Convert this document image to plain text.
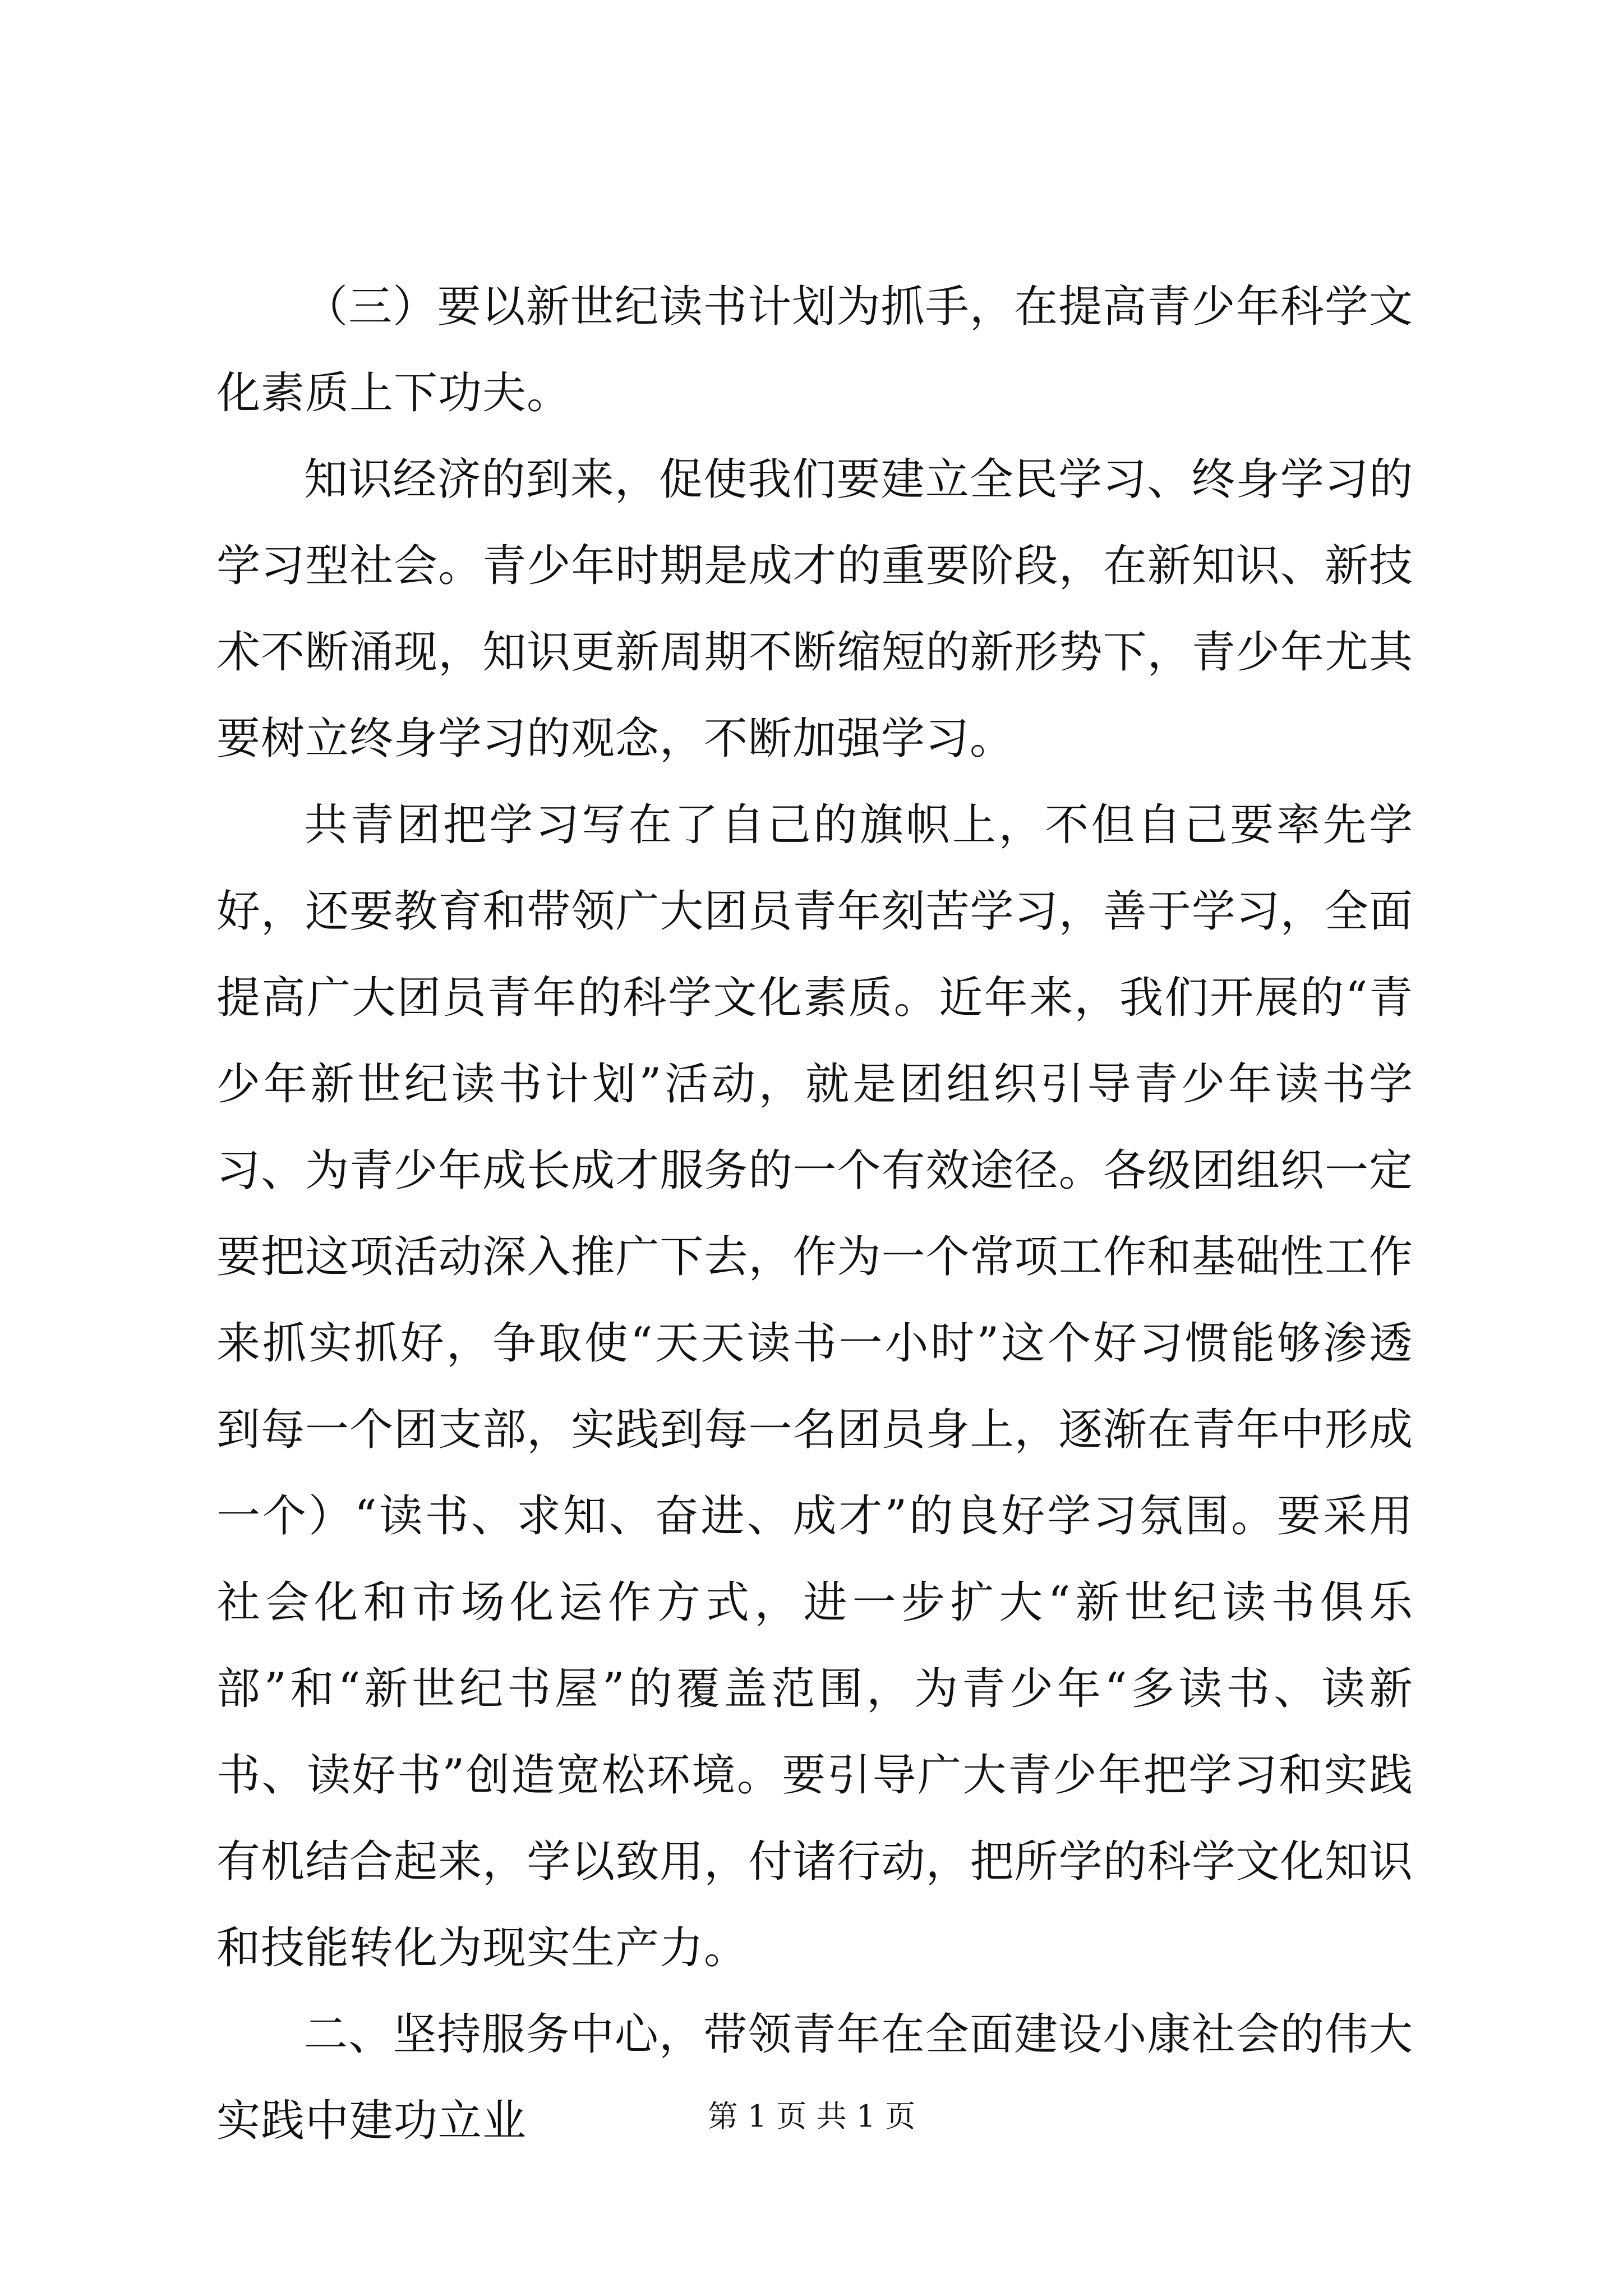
（三）要以新世纪读书计划为抓手，在提高青少年科学文化素质上下功夫。

知识经济的到来，促使我们要建立全民学习、终身学习的学习型社会。青少年时期是成才的重要阶段，在新知识、新技术不断涌现，知识更新周期不断缩短的新形势下，青少年尤其要树立终身学习的观念，不断加强学习。

共青团把学习写在了自己的旗帜上，不但自己要率先学好，还要教育和带领广大团员青年刻苦学习，善于学习，全面提高广大团员青年的科学文化素质。近年来，我们开展的“青少年新世纪读书计划”活动，就是团组织引导青少年读书学习、为青少年成长成才服务的一个有效途径。各级团组织一定要把这项活动深入推广下去，作为一个常项工作和基础性工作来抓实抓好，争取使“天天读书一小时”这个好习惯能够渗透到每一个团支部，实践到每一名团员身上，逐渐在青年中形成一个）“读书、求知、奋进、成才”的良好学习氛围。要采用社会化和市场化运作方式，进一步扩大“新世纪读书俱乐部”和“新世纪书屋”的覆盖范围，为青少年“多读书、读新书、读好书”创造宽松环境。要引导广大青少年把学习和实践有机结合起来，学以致用，付诸行动，把所学的科学文化知识和技能转化为现实生产力。

二、坚持服务中心，带领青年在全面建设小康社会的伟大实践中建功立业	第 1 页 共 1 页
